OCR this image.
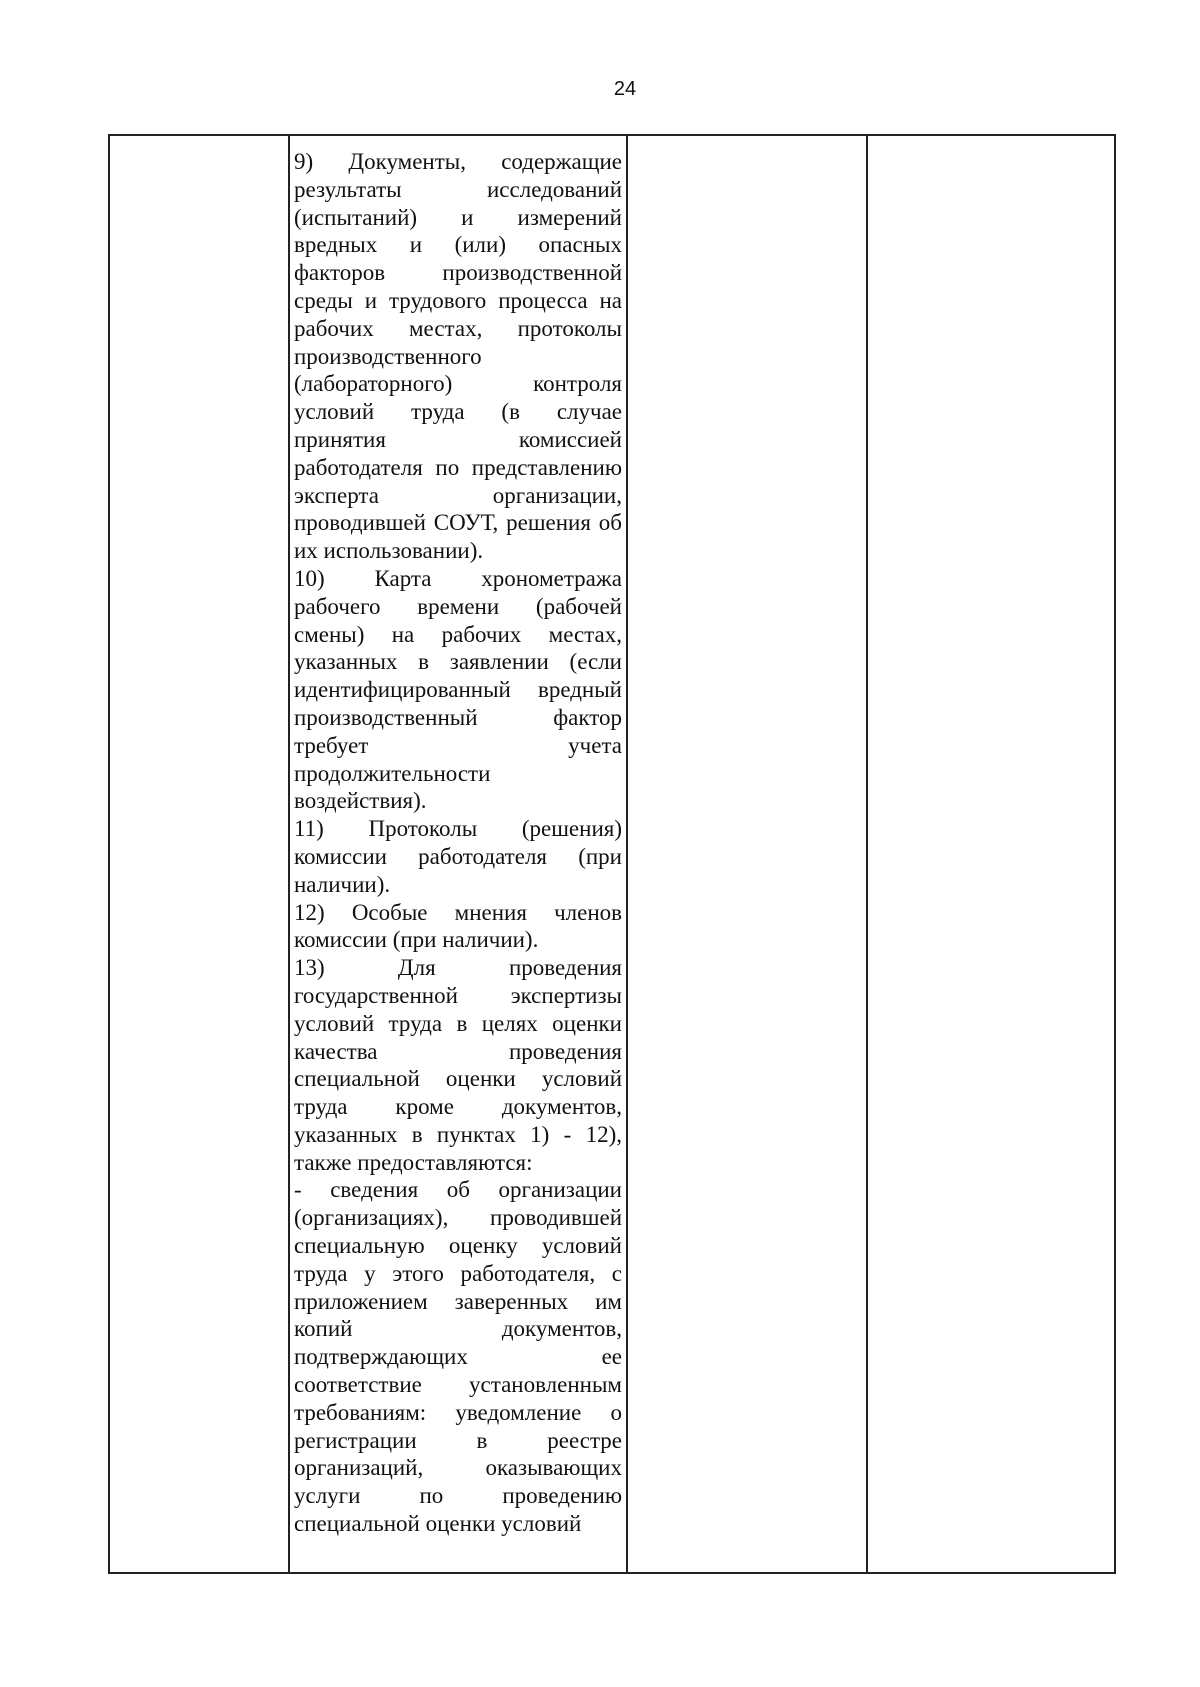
24

9) Документы, содержащие результаты исследований (испытаний) и измерений вредных и (или) опасных факторов производственной среды и трудового процесса на рабочих местах, протоколы производственного (лабораторного) контроля условий труда (в случае принятия комиссией работодателя по представлению эксперта организации, проводившей СОУТ, решения об их использовании).

10) Карта хронометража рабочего времени (рабочей смены) на рабочих местах, указанных в заявлении (если идентифицированный вредный производственный фактор требует учета продолжительности воздействия).

11) Протоколы (решения) комиссии работодателя (при наличии).

12) Особые мнения членов комиссии (при наличии).

13) Для проведения государственной экспертизы условий труда в целях оценки качества проведения специальной оценки условий труда кроме документов, указанных в пунктах 1) - 12), также предоставляются:

- сведения об организации (организациях), проводившей специальную оценку условий труда у этого работодателя, с приложением заверенных им копий документов, подтверждающих ее соответствие установленным требованиям: уведомление о регистрации в реестре организаций, оказывающих услуги по проведению специальной оценки условий
